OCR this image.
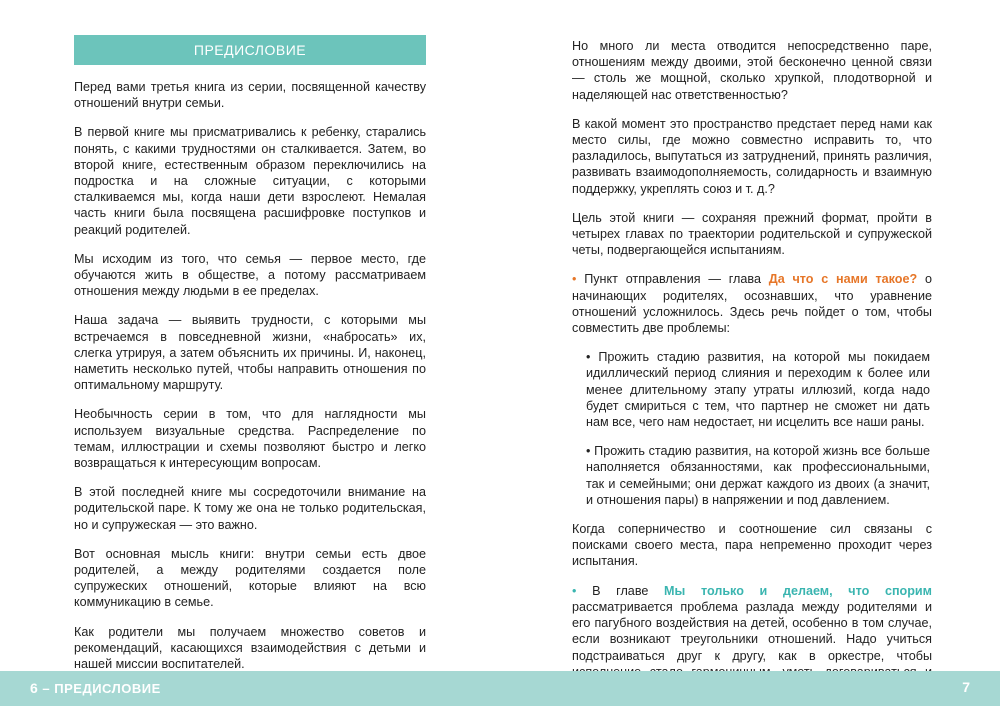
ПРЕДИСЛОВИЕ

Перед вами третья книга из серии, посвященной качеству отношений внутри семьи.

В первой книге мы присматривались к ребенку, старались понять, с какими трудностями он сталкивается. Затем, во второй книге, естественным образом переключились на подростка и на сложные ситуации, с которыми сталкиваемся мы, когда наши дети взрослеют. Немалая часть книги была посвящена расшифровке поступков и реакций родителей.

Мы исходим из того, что семья — первое место, где обучаются жить в обществе, а потому рассматриваем отношения между людьми в ее пределах.

Наша задача — выявить трудности, с которыми мы встречаемся в повседневной жизни, «набросать» их, слегка утрируя, а затем объяснить их причины. И, наконец, наметить несколько путей, чтобы направить отношения по оптимальному маршруту.

Необычность серии в том, что для наглядности мы используем визуальные средства. Распределение по темам, иллюстрации и схемы позволяют быстро и легко возвращаться к интересующим вопросам.

В этой последней книге мы сосредоточили внимание на родительской паре. К тому же она не только родительская, но и супружеская — это важно.

Вот основная мысль книги: внутри семьи есть двое родителей, а между родителями создается поле супружеских отношений, которые влияют на всю коммуникацию в семье.

Как родители мы получаем множество советов и рекомендаций, касающихся взаимодействия с детьми и нашей миссии воспитателей.

Но много ли места отводится непосредственно паре, отношениям между двоими, этой бесконечно ценной связи — столь же мощной, сколько хрупкой, плодотворной и наделяющей нас ответственностью?

В какой момент это пространство предстает перед нами как место силы, где можно совместно исправить то, что разладилось, выпутаться из затруднений, принять различия, развивать взаимодополняемость, солидарность и взаимную поддержку, укреплять союз и т. д.?

Цель этой книги — сохраняя прежний формат, пройти в четырех главах по траектории родительской и супружеской четы, подвергающейся испытаниям.

• Пункт отправления — глава Да что с нами такое? о начинающих родителях, осознавших, что уравнение отношений усложнилось. Здесь речь пойдет о том, чтобы совместить две проблемы:

• Прожить стадию развития, на которой мы покидаем идиллический период слияния и переходим к более или менее длительному этапу утраты иллюзий, когда надо будет смириться с тем, что партнер не сможет ни дать нам все, чего нам недостает, ни исцелить все наши раны.

• Прожить стадию развития, на которой жизнь все больше наполняется обязанностями, как профессиональными, так и семейными; они держат каждого из двоих (а значит, и отношения пары) в напряжении и под давлением.

Когда соперничество и соотношение сил связаны с поисками своего места, пара непременно проходит через испытания.

• В главе Мы только и делаем, что спорим рассматривается проблема разлада между родителями и его пагубного воздействия на детей, особенно в том случае, если возникают треугольники отношений. Надо учиться подстраиваться друг к другу, как в оркестре, чтобы

6 – ПРЕДИСЛОВИЕ	7
